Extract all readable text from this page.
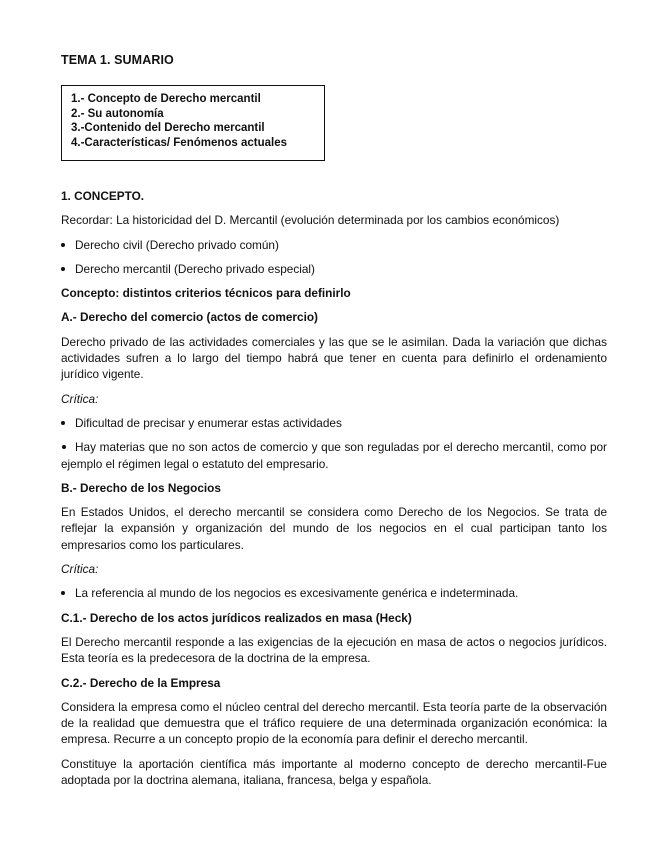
TEMA 1. SUMARIO
1.- Concepto de Derecho mercantil
2.- Su autonomía
3.-Contenido del Derecho mercantil
4.-Características/ Fenómenos actuales
1. CONCEPTO.
Recordar: La historicidad del D. Mercantil (evolución determinada por los cambios económicos)
Derecho civil (Derecho privado común)
Derecho mercantil (Derecho privado especial)
Concepto: distintos criterios técnicos para definirlo
A.- Derecho del comercio (actos de comercio)
Derecho privado de las actividades comerciales y las que se le asimilan. Dada la variación que dichas actividades sufren a lo largo del tiempo habrá que tener en cuenta para definirlo el ordenamiento jurídico vigente.
Crítica:
Dificultad de precisar y enumerar estas actividades
Hay materias que no son actos de comercio y que son reguladas por el derecho mercantil, como por ejemplo el régimen legal o estatuto del empresario.
B.- Derecho de los Negocios
En Estados Unidos, el derecho mercantil se considera como Derecho de los Negocios. Se trata de reflejar la expansión y organización del mundo de los negocios en el cual participan tanto los empresarios como los particulares.
Crítica:
La referencia al mundo de los negocios es excesivamente genérica e indeterminada.
C.1.- Derecho de los actos jurídicos realizados en masa (Heck)
El Derecho mercantil responde a las exigencias de la ejecución en masa de actos o negocios jurídicos. Esta teoría es la predecesora de la doctrina de la empresa.
C.2.- Derecho de la Empresa
Considera la empresa como el núcleo central del derecho mercantil. Esta teoría parte de la observación de la realidad que demuestra que el tráfico requiere de una determinada organización económica: la empresa. Recurre a un concepto propio de la economía para definir el derecho mercantil.
Constituye la aportación científica más importante al moderno concepto de derecho mercantil-Fue adoptada por la doctrina alemana, italiana, francesa, belga y española.
